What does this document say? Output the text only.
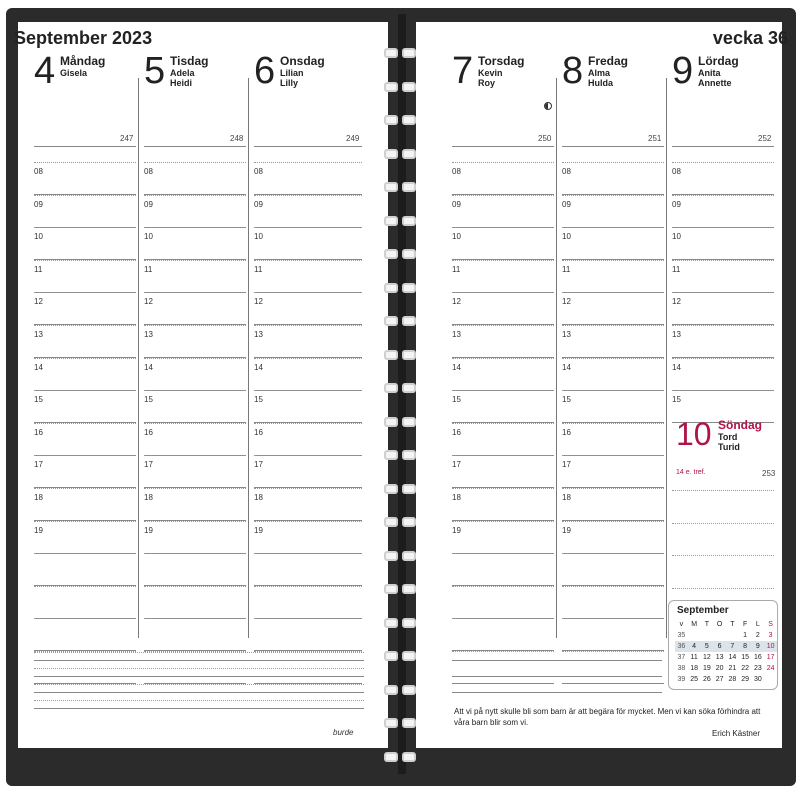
September 2023	vecka 36
4 Måndag
Gisela
247
08
09
10
11
12
13
14
15
16
17
18
19
5 Tisdag
Adela
Heidi
248
08
09
10
11
12
13
14
15
16
17
18
19
6 Onsdag
Lilian
Lilly
249
08
09
10
11
12
13
14
15
16
17
18
19
7 Torsdag
Kevin
Roy
250
08
09
10
11
12
13
14
15
16
17
18
19
8 Fredag
Alma
Hulda
251
08
09
10
11
12
13
14
15
16
17
18
19
9 Lördag
Anita
Annette
252
08
09
10
11
12
13
14
15
10 Söndag
Tord
Turid
14 e. tref.	253
September
v	M	T	O	T	F	L	S
35					1	2	3
36	4	5	6	7	8	9	10
37	11	12	13	14	15	16	17
38	18	19	20	21	22	23	24
39	25	26	27	28	29	30	
Att vi på nytt skulle bli som barn är att begära för mycket. Men vi kan söka förhindra att våra barn blir som vi.
Erich Kästner
burde
